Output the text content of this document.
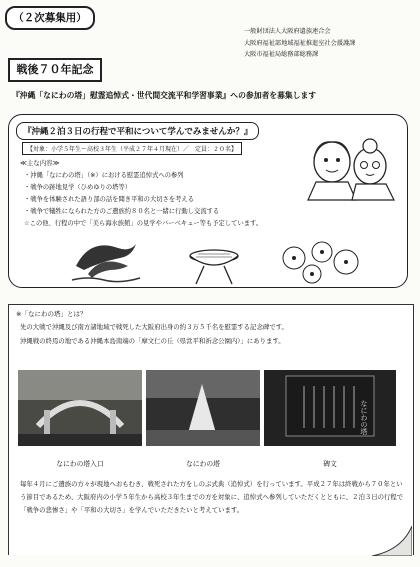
（２次募集用）
一般財団法人大阪府遺族連合会
大阪府福祉部地域福祉推進室社会援護課
大阪市福祉局総務部総務課
戦後７０年記念
『沖縄「なにわの塔」慰霊追悼式・世代間交流平和学習事業』への参加者を募集します
『沖縄２泊３日の行程で平和について学んでみませんか？』
【対象：小学５年生～高校３年生（平成２７年４月現在）／　定員：２０名】
≪主な内容≫
・沖縄「なにわの塔」（※）における慰霊追悼式への参列
・戦争の跡地見学（ひめゆりの塔等）
・戦争を体験された語り部の話を聞き平和の大切さを考える
・戦争で犠牲になられた方のご遺族約８０名と一緒に行動し交流する
☆この他、行程の中で「美ら海水族館」の見学やバーベキュー等も予定しています。
※「なにわの塔」とは？
先の大戦で沖縄及び南方諸地域で戦死した大阪府出身の約３万５千名を慰霊する記念碑です。
沖縄戦の終焉の地である沖縄本島南端の「摩文仁の丘（県営平和祈念公園内）」にあります。
なにわの塔
なにわの塔入口	なにわの塔	碑文
毎年４月にご遺族の方々が現地へおもむき、戦死された方をしのぶ式典（追悼式）を行っています。平成２７年は終戦から７０年という節目であるため、大阪府内の小学５年生から高校３年生までの方を対象に、追悼式へ参列していただくとともに、２泊３日の行程で「戦争の悲惨さ」や「平和の大切さ」を学んでいただきたいと考えています。
